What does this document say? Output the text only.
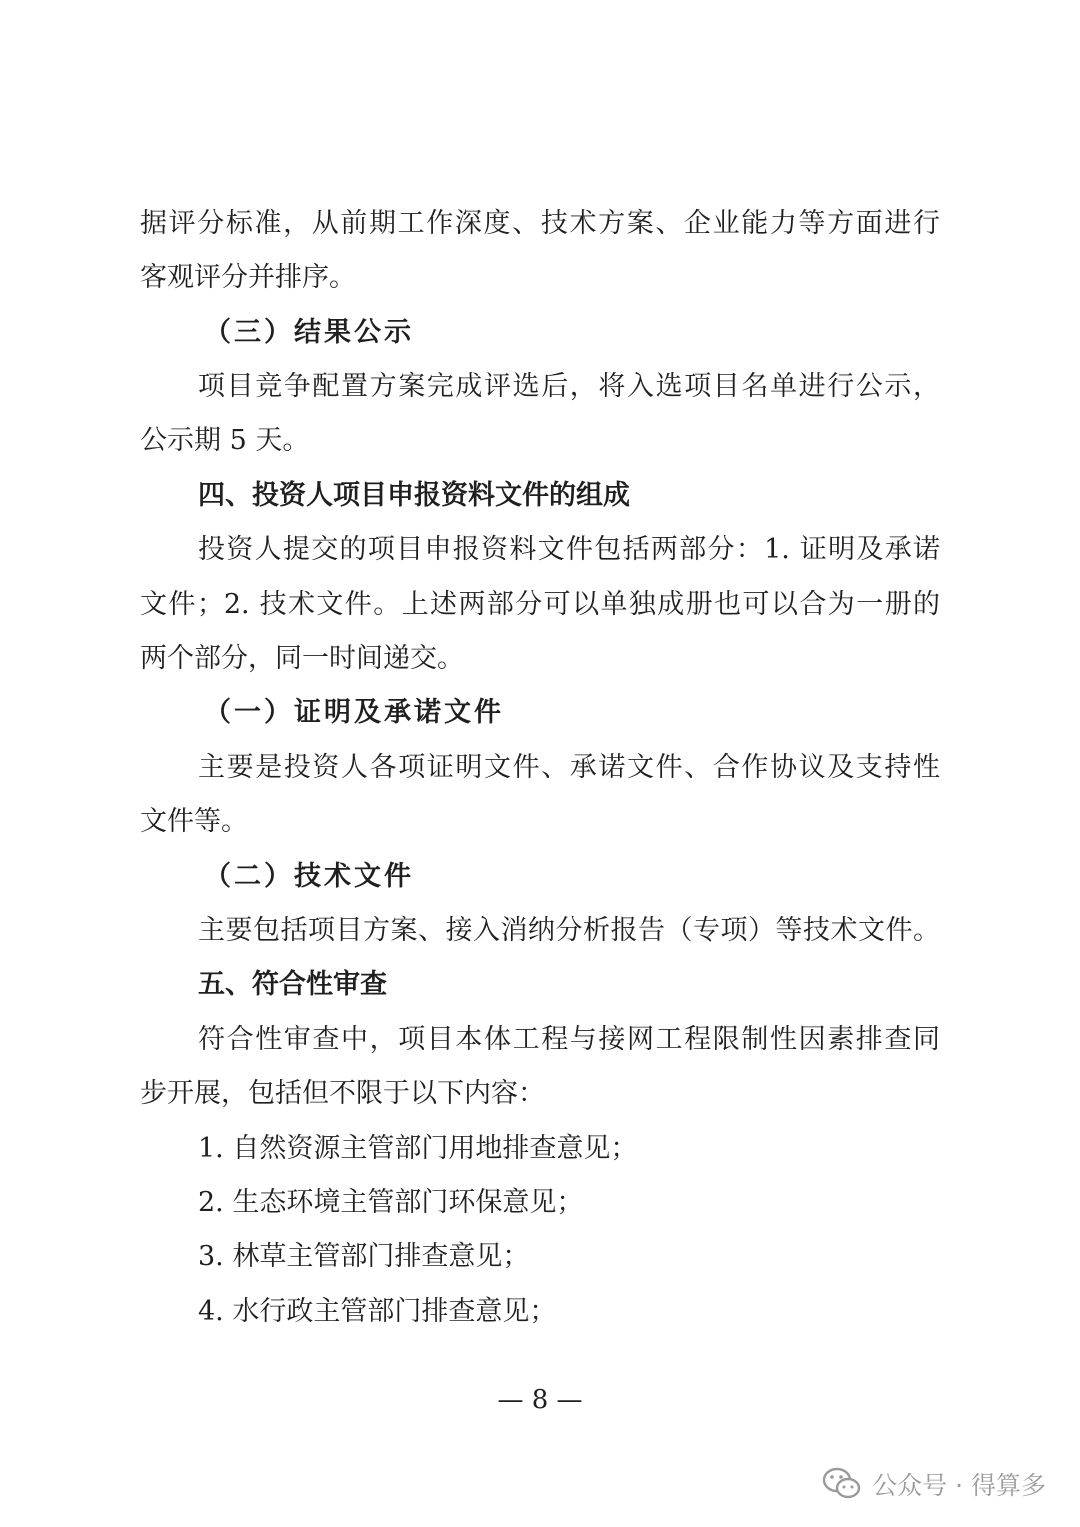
据评分标准，从前期工作深度、技术方案、企业能力等方面进行

客观评分并排序。

（三）结果公示

项目竞争配置方案完成评选后，将入选项目名单进行公示，

公示期 5 天。

四、投资人项目申报资料文件的组成

投资人提交的项目申报资料文件包括两部分：1. 证明及承诺

文件；2. 技术文件。上述两部分可以单独成册也可以合为一册的

两个部分，同一时间递交。

（一）证明及承诺文件

主要是投资人各项证明文件、承诺文件、合作协议及支持性

文件等。

（二）技术文件

主要包括项目方案、接入消纳分析报告（专项）等技术文件。

五、符合性审查

符合性审查中，项目本体工程与接网工程限制性因素排查同

步开展，包括但不限于以下内容：

1. 自然资源主管部门用地排查意见；

2. 生态环境主管部门环保意见；

3. 林草主管部门排查意见；

4. 水行政主管部门排查意见；

— 8 —
公众号 · 得算多
